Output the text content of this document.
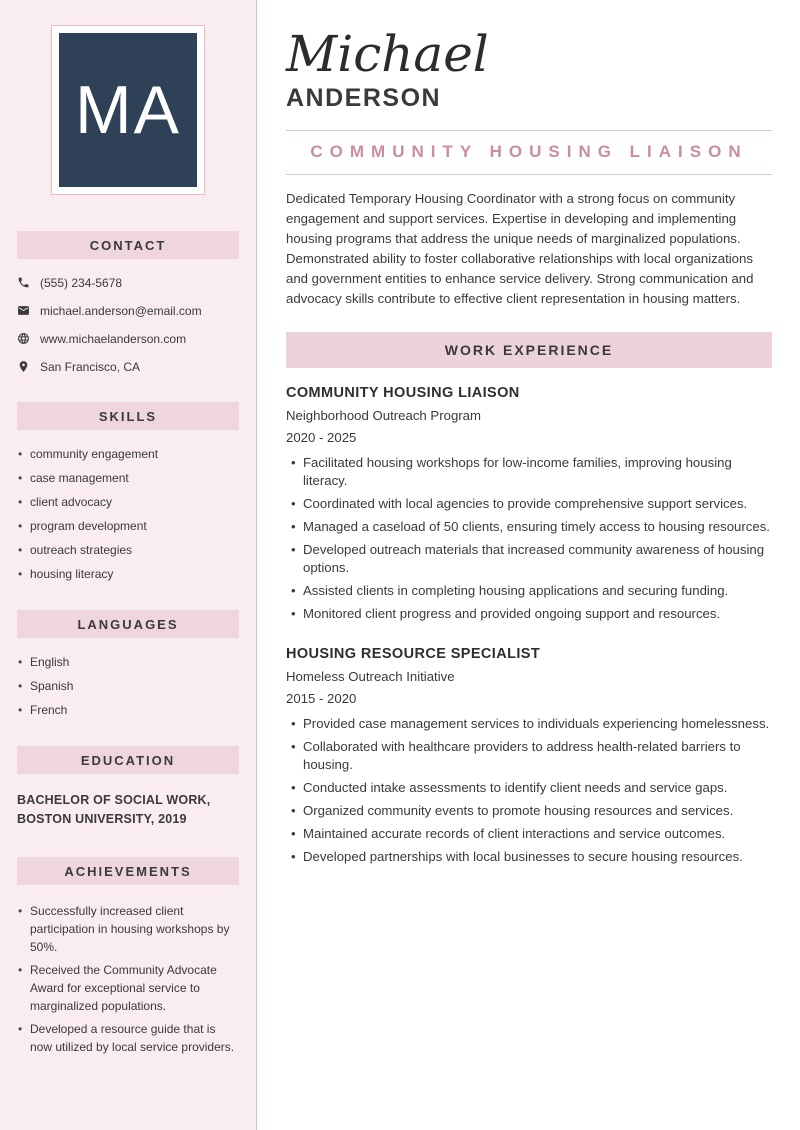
MA
CONTACT
(555) 234-5678
michael.anderson@email.com
www.michaelanderson.com
San Francisco, CA
SKILLS
• community engagement
• case management
• client advocacy
• program development
• outreach strategies
• housing literacy
LANGUAGES
• English
• Spanish
• French
EDUCATION
BACHELOR OF SOCIAL WORK, BOSTON UNIVERSITY, 2019
ACHIEVEMENTS
• Successfully increased client participation in housing workshops by 50%.
• Received the Community Advocate Award for exceptional service to marginalized populations.
• Developed a resource guide that is now utilized by local service providers.
Michael
ANDERSON
COMMUNITY HOUSING LIAISON

Dedicated Temporary Housing Coordinator with a strong focus on community engagement and support services. Expertise in developing and implementing housing programs that address the unique needs of marginalized populations. Demonstrated ability to foster collaborative relationships with local organizations and government entities to enhance service delivery. Strong communication and advocacy skills contribute to effective client representation in housing matters.

WORK EXPERIENCE
COMMUNITY HOUSING LIAISON
Neighborhood Outreach Program
2020 - 2025
• Facilitated housing workshops for low-income families, improving housing literacy.
• Coordinated with local agencies to provide comprehensive support services.
• Managed a caseload of 50 clients, ensuring timely access to housing resources.
• Developed outreach materials that increased community awareness of housing options.
• Assisted clients in completing housing applications and securing funding.
• Monitored client progress and provided ongoing support and resources.
HOUSING RESOURCE SPECIALIST
Homeless Outreach Initiative
2015 - 2020
• Provided case management services to individuals experiencing homelessness.
• Collaborated with healthcare providers to address health-related barriers to housing.
• Conducted intake assessments to identify client needs and service gaps.
• Organized community events to promote housing resources and services.
• Maintained accurate records of client interactions and service outcomes.
• Developed partnerships with local businesses to secure housing resources.
